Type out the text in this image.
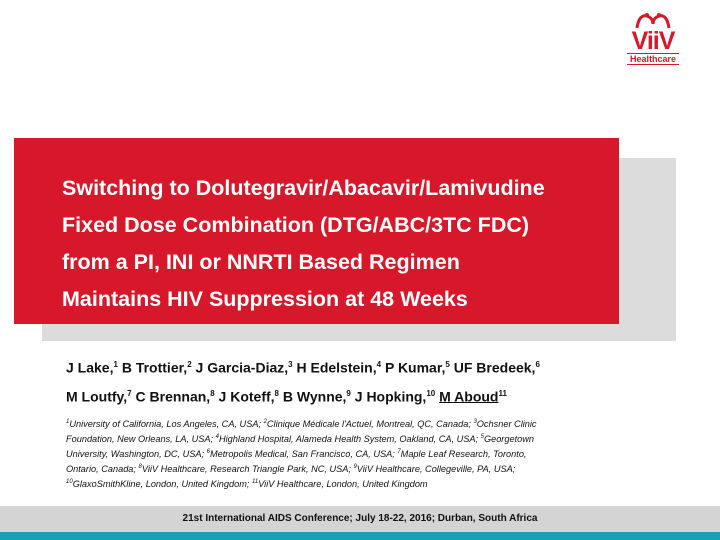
ViiV
Healthcare
Switching to Dolutegravir/Abacavir/Lamivudine
Fixed Dose Combination (DTG/ABC/3TC FDC)
from a PI, INI or NNRTI Based Regimen
Maintains HIV Suppression at 48 Weeks
J Lake,$^1$ B Trottier,$^2$ J Garcia-Diaz,$^3$ H Edelstein,$^4$ P Kumar,$^5$ UF Bredeek,$^6$
M Loutfy,$^7$ C Brennan,$^8$ J Koteff,$^8$ B Wynne,$^9$ J Hopking,$^{10}$ M Aboud$^{11}$
$^1$University of California, Los Angeles, CA, USA; $^2$Clinique Médicale l'Actuel, Montreal, QC, Canada; $^3$Ochsner Clinic
Foundation, New Orleans, LA, USA; $^4$Highland Hospital, Alameda Health System, Oakland, CA, USA; $^5$Georgetown
University, Washington, DC, USA; $^6$Metropolis Medical, San Francisco, CA, USA; $^7$Maple Leaf Research, Toronto,
Ontario, Canada; $^8$ViiV Healthcare, Research Triangle Park, NC, USA; $^9$ViiV Healthcare, Collegeville, PA, USA;
$^{10}$GlaxoSmithKline, London, United Kingdom; $^{11}$ViiV Healthcare, London, United Kingdom
21st International AIDS Conference; July 18-22, 2016; Durban, South Africa
